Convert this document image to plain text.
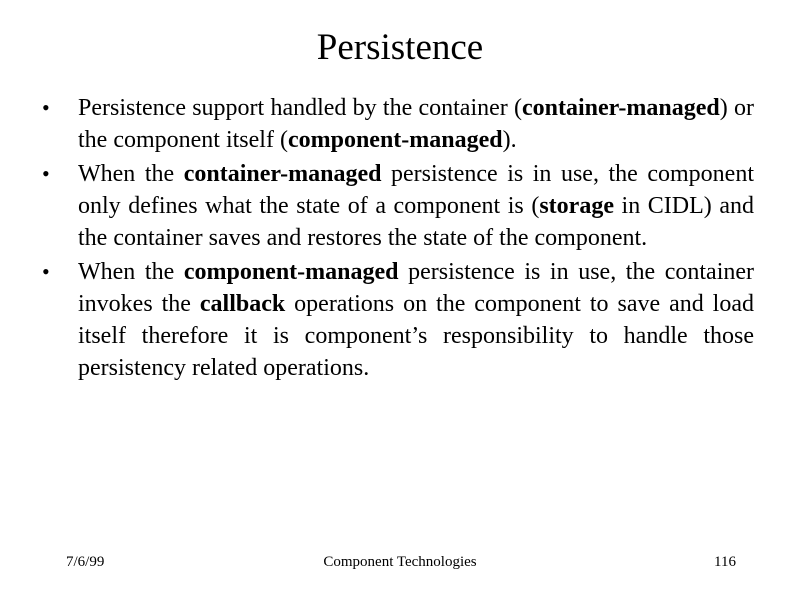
Persistence
•	Persistence support handled by the container (container-managed) or the component itself (component-managed).
•	When the container-managed persistence is in use, the component only defines what the state of a component is (storage in CIDL) and the container saves and restores the state of the component.
•	When the component-managed persistence is in use, the container invokes the callback operations on the component to save and load itself therefore it is component’s responsibility to handle those persistency related operations.
7/6/99	Component Technologies	116
